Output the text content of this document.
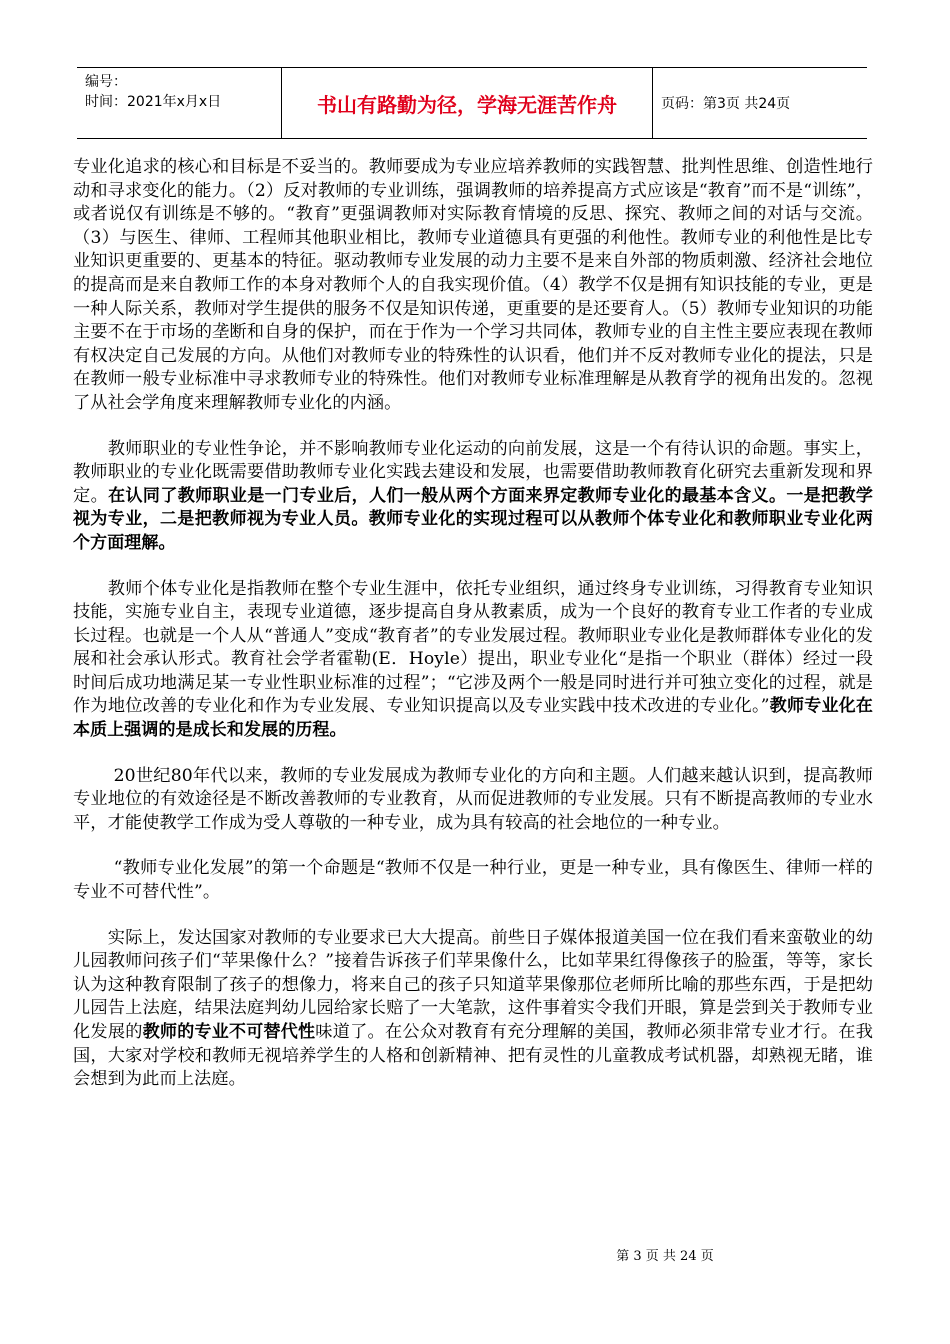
编号：
时间：2021年x月x日	书山有路勤为径，学海无涯苦作舟	页码：第3页 共24页

专业化追求的核心和目标是不妥当的。教师要成为专业应培养教师的实践智慧、批判性思维、创造性地行动和寻求变化的能力。（2）反对教师的专业训练，强调教师的培养提高方式应该是“教育”而不是“训练”，或者说仅有训练是不够的。“教育”更强调教师对实际教育情境的反思、探究、教师之间的对话与交流。（3）与医生、律师、工程师其他职业相比，教师专业道德具有更强的利他性。教师专业的利他性是比专业知识更重要的、更基本的特征。驱动教师专业发展的动力主要不是来自外部的物质刺激、经济社会地位的提高而是来自教师工作的本身对教师个人的自我实现价值。（4）教学不仅是拥有知识技能的专业，更是一种人际关系，教师对学生提供的服务不仅是知识传递，更重要的是还要育人。（5）教师专业知识的功能主要不在于市场的垄断和自身的保护，而在于作为一个学习共同体，教师专业的自主性主要应表现在教师有权决定自己发展的方向。从他们对教师专业的特殊性的认识看，他们并不反对教师专业化的提法，只是在教师一般专业标准中寻求教师专业的特殊性。他们对教师专业标准理解是从教育学的视角出发的。忽视了从社会学角度来理解教师专业化的内涵。

　　教师职业的专业性争论，并不影响教师专业化运动的向前发展，这是一个有待认识的命题。事实上，教师职业的专业化既需要借助教师专业化实践去建设和发展，也需要借助教师教育化研究去重新发现和界定。在认同了教师职业是一门专业后，人们一般从两个方面来界定教师专业化的最基本含义。一是把教学视为专业，二是把教师视为专业人员。教师专业化的实现过程可以从教师个体专业化和教师职业专业化两个方面理解。

　　教师个体专业化是指教师在整个专业生涯中，依托专业组织，通过终身专业训练，习得教育专业知识技能，实施专业自主，表现专业道德，逐步提高自身从教素质，成为一个良好的教育专业工作者的专业成长过程。也就是一个人从“普通人”变成“教育者”的专业发展过程。教师职业专业化是教师群体专业化的发展和社会承认形式。教育社会学者霍勒(E．Hoyle）提出，职业专业化“是指一个职业（群体）经过一段时间后成功地满足某一专业性职业标准的过程”；“它涉及两个一般是同时进行并可独立变化的过程，就是作为地位改善的专业化和作为专业发展、专业知识提高以及专业实践中技术改进的专业化。”教师专业化在本质上强调的是成长和发展的历程。

　　 20世纪80年代以来，教师的专业发展成为教师专业化的方向和主题。人们越来越认识到，提高教师专业地位的有效途径是不断改善教师的专业教育，从而促进教师的专业发展。只有不断提高教师的专业水平，才能使教学工作成为受人尊敬的一种专业，成为具有较高的社会地位的一种专业。

　　 “教师专业化发展”的第一个命题是“教师不仅是一种行业，更是一种专业，具有像医生、律师一样的专业不可替代性”。

　　实际上，发达国家对教师的专业要求已大大提高。前些日子媒体报道美国一位在我们看来蛮敬业的幼儿园教师问孩子们“苹果像什么？”接着告诉孩子们苹果像什么，比如苹果红得像孩子的脸蛋，等等，家长认为这种教育限制了孩子的想像力，将来自己的孩子只知道苹果像那位老师所比喻的那些东西，于是把幼儿园告上法庭，结果法庭判幼儿园给家长赔了一大笔款，这件事着实令我们开眼，算是尝到关于教师专业化发展的教师的专业不可替代性味道了。在公众对教育有充分理解的美国，教师必须非常专业才行。在我国，大家对学校和教师无视培养学生的人格和创新精神、把有灵性的儿童教成考试机器，却熟视无睹，谁会想到为此而上法庭。

第 3 页 共 24 页
